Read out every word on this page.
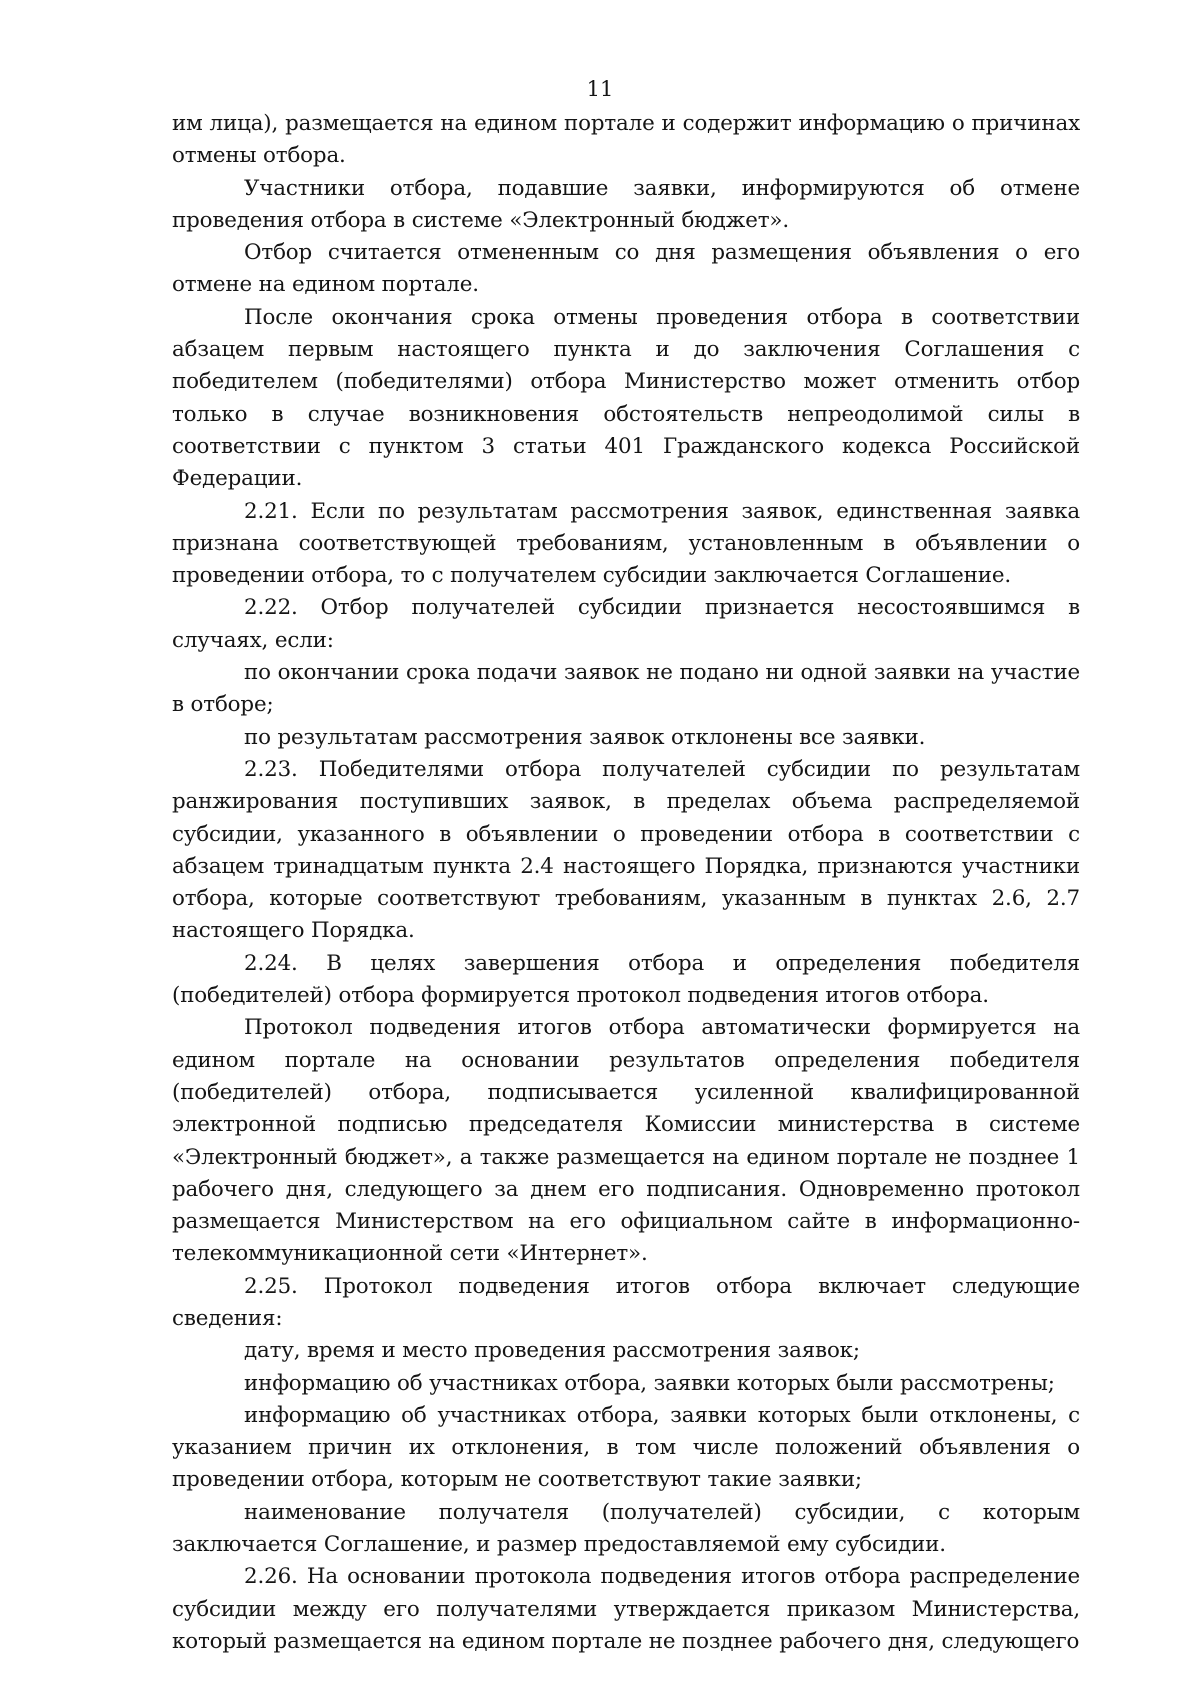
11

им лица), размещается на едином портале и содержит информацию о причинах отмены отбора.

Участники отбора, подавшие заявки, информируются об отмене проведения отбора в системе «Электронный бюджет».

Отбор считается отмененным со дня размещения объявления о его отмене на едином портале.

После окончания срока отмены проведения отбора в соответствии абзацем первым настоящего пункта и до заключения Соглашения с победителем (победителями) отбора Министерство может отменить отбор только в случае возникновения обстоятельств непреодолимой силы в соответствии с пунктом 3 статьи 401 Гражданского кодекса Российской Федерации.

2.21. Если по результатам рассмотрения заявок, единственная заявка признана соответствующей требованиям, установленным в объявлении о проведении отбора, то с получателем субсидии заключается Соглашение.

2.22. Отбор получателей субсидии признается несостоявшимся в случаях, если:

по окончании срока подачи заявок не подано ни одной заявки на участие в отборе;

по результатам рассмотрения заявок отклонены все заявки.

2.23. Победителями отбора получателей субсидии по результатам ранжирования поступивших заявок, в пределах объема распределяемой субсидии, указанного в объявлении о проведении отбора в соответствии с абзацем тринадцатым пункта 2.4 настоящего Порядка, признаются участники отбора, которые соответствуют требованиям, указанным в пунктах 2.6, 2.7 настоящего Порядка.

2.24. В целях завершения отбора и определения победителя (победителей) отбора формируется протокол подведения итогов отбора.

Протокол подведения итогов отбора автоматически формируется на едином портале на основании результатов определения победителя (победителей) отбора, подписывается усиленной квалифицированной электронной подписью председателя Комиссии министерства в системе «Электронный бюджет», а также размещается на едином портале не позднее 1 рабочего дня, следующего за днем его подписания. Одновременно протокол размещается Министерством на его официальном сайте в информационно-телекоммуникационной сети «Интернет».

2.25. Протокол подведения итогов отбора включает следующие сведения:

дату, время и место проведения рассмотрения заявок;

информацию об участниках отбора, заявки которых были рассмотрены;

информацию об участниках отбора, заявки которых были отклонены, с указанием причин их отклонения, в том числе положений объявления о проведении отбора, которым не соответствуют такие заявки;

наименование получателя (получателей) субсидии, с которым заключается Соглашение, и размер предоставляемой ему субсидии.

2.26. На основании протокола подведения итогов отбора распределение субсидии между его получателями утверждается приказом Министерства, который размещается на едином портале не позднее рабочего дня, следующего
